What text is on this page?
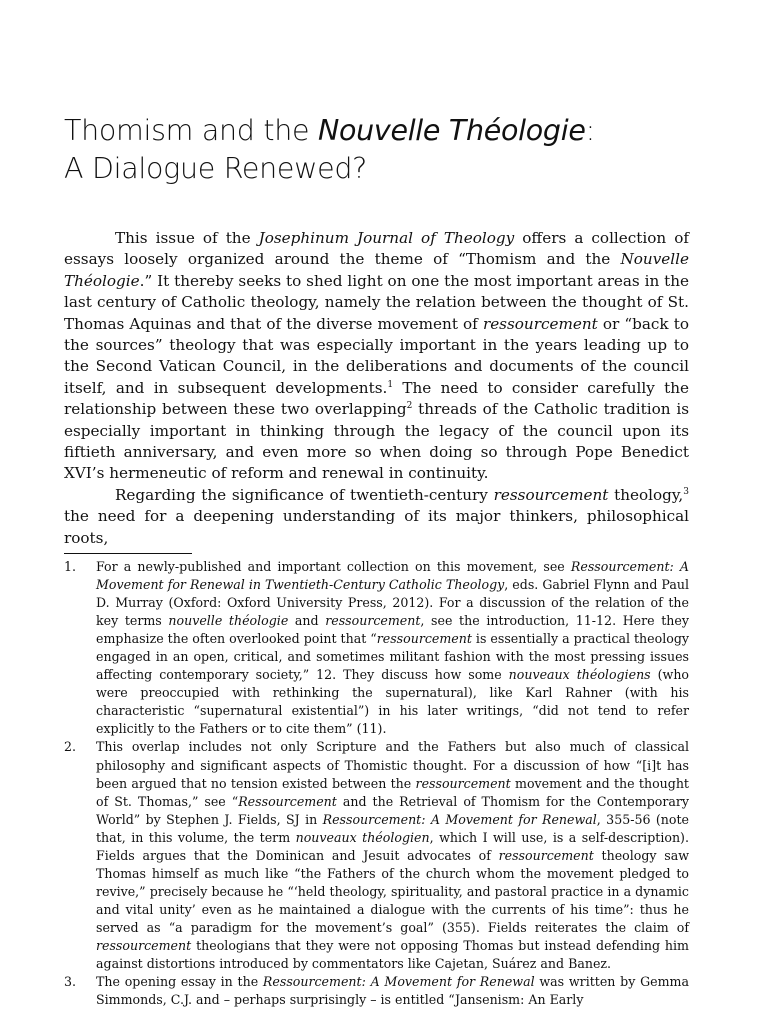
Thomism and the Nouvelle Théologie:
A Dialogue Renewed?

This issue of the Josephinum Journal of Theology offers a collection of essays loosely organized around the theme of “Thomism and the Nouvelle Théologie.” It thereby seeks to shed light on one the most important areas in the last century of Catholic theology, namely the relation between the thought of St. Thomas Aquinas and that of the diverse movement of ressourcement or “back to the sources” theology that was especially important in the years leading up to the Second Vatican Council, in the deliberations and documents of the council itself, and in subsequent developments.$^1$ The need to consider carefully the relationship between these two overlapping$^2$ threads of the Catholic tradition is especially important in thinking through the legacy of the council upon its fiftieth anniversary, and even more so when doing so through Pope Benedict XVI’s hermeneutic of reform and renewal in continuity.

Regarding the significance of twentieth-century ressourcement theology,$^3$ the need for a deepening understanding of its major thinkers, philosophical roots,

1.	For a newly-published and important collection on this movement, see Ressourcement: A Movement for Renewal in Twentieth-Century Catholic Theology, eds. Gabriel Flynn and Paul D. Murray (Oxford: Oxford University Press, 2012). For a discussion of the relation of the key terms nouvelle théologie and ressourcement, see the introduction, 11-12. Here they emphasize the often overlooked point that “ressourcement is essentially a practical theology engaged in an open, critical, and sometimes militant fashion with the most pressing issues affecting contemporary society,” 12. They discuss how some nouveaux théologiens (who were preoccupied with rethinking the supernatural), like Karl Rahner (with his characteristic “supernatural existential”) in his later writings, “did not tend to refer explicitly to the Fathers or to cite them” (11).
2.	This overlap includes not only Scripture and the Fathers but also much of classical philosophy and significant aspects of Thomistic thought. For a discussion of how “[i]t has been argued that no tension existed between the ressourcement movement and the thought of St. Thomas,” see “Ressourcement and the Retrieval of Thomism for the Contemporary World” by Stephen J. Fields, SJ in Ressourcement: A Movement for Renewal, 355-56 (note that, in this volume, the term nouveaux théologien, which I will use, is a self-description). Fields argues that the Dominican and Jesuit advocates of ressourcement theology saw Thomas himself as much like “the Fathers of the church whom the movement pledged to revive,” precisely because he “‘held theology, spirituality, and pastoral practice in a dynamic and vital unity’ even as he maintained a dialogue with the currents of his time”: thus he served as “a paradigm for the movement’s goal” (355). Fields reiterates the claim of ressourcement theologians that they were not opposing Thomas but instead defending him against distortions introduced by commentators like Cajetan, Suárez and Banez.
3.	The opening essay in the Ressourcement: A Movement for Renewal was written by Gemma Simmonds, C.J. and – perhaps surprisingly – is entitled “Jansenism: An Early
